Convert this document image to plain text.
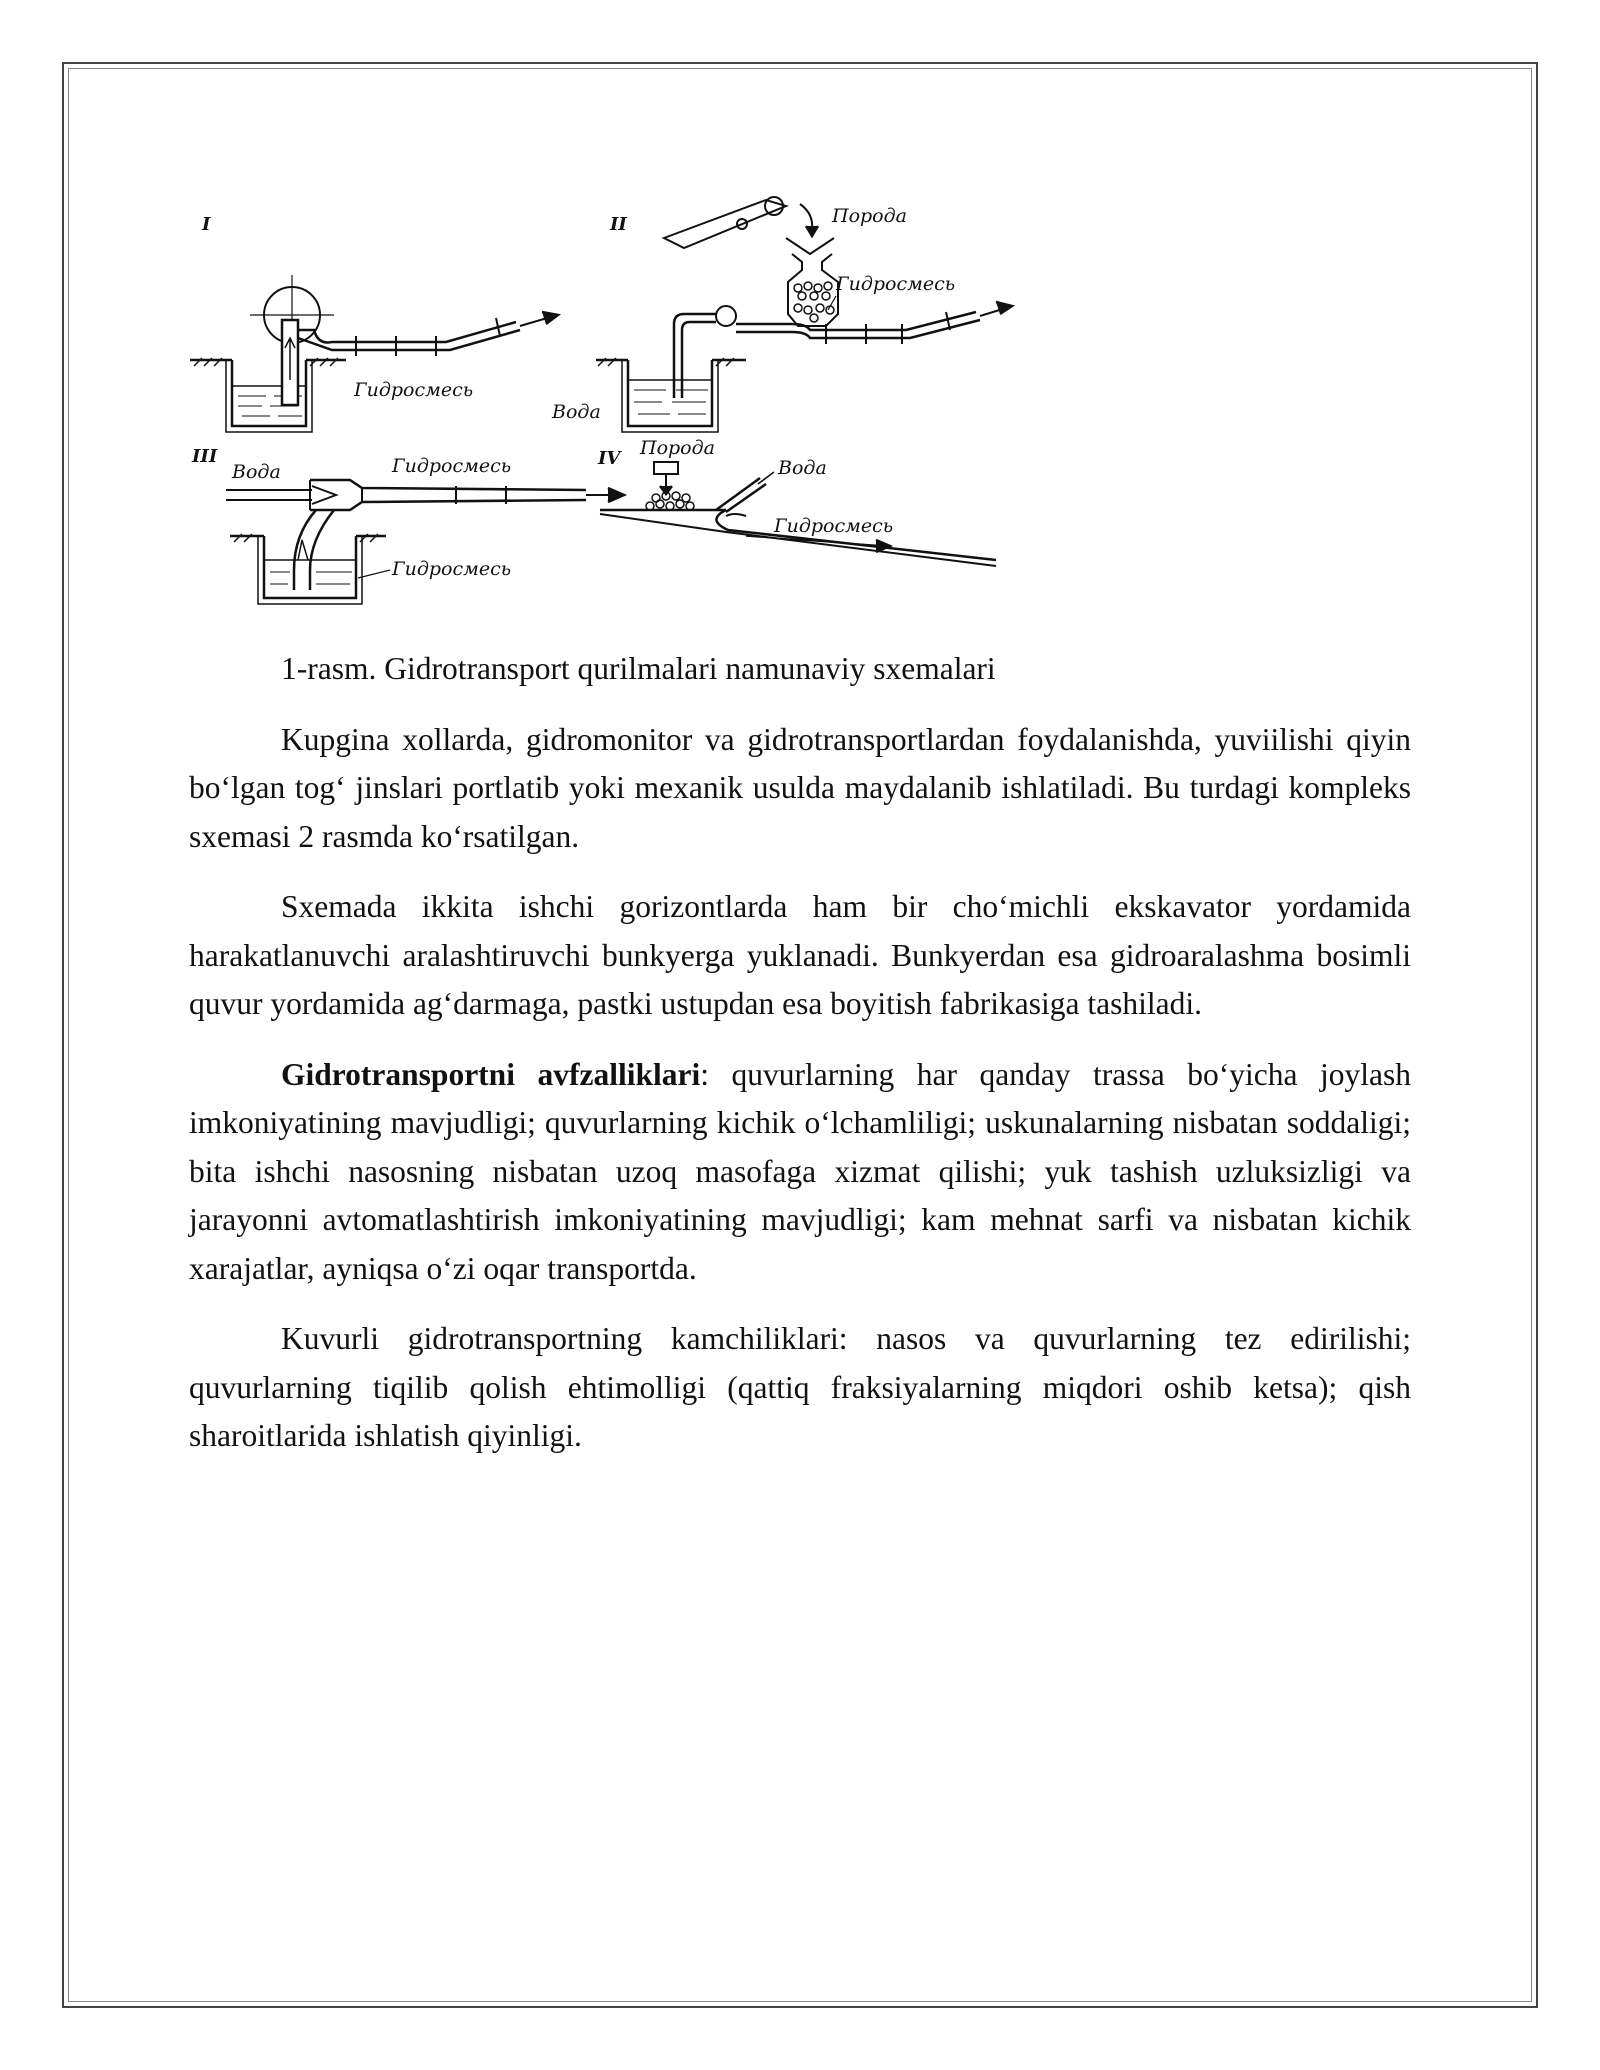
I
Гидросмесь
II	Порода
Гидросмесь
Вода
III
Вода	Гидросмесь
Гидросмесь
IV Порода
Вода
Гидросмесь

1-rasm. Gidrotransport qurilmalari namunaviy sxemalari

Kupgina xollarda, gidromonitor va gidrotransportlardan foydalanishda, yuviilishi qiyin bo‘lgan tog‘ jinslari portlatib yoki mexanik usulda maydalanib ishlatiladi. Bu turdagi kompleks sxemasi 2 rasmda ko‘rsatilgan.

Sxemada ikkita ishchi gorizontlarda ham bir cho‘michli ekskavator yordamida harakatlanuvchi aralashtiruvchi bunkyerga yuklanadi. Bunkyerdan esa gidroaralashma bosimli quvur yordamida ag‘darmaga, pastki ustupdan esa boyitish fabrikasiga tashiladi.

Gidrotransportni avfzalliklari: quvurlarning har qanday trassa bo‘yicha joylash imkoniyatining mavjudligi; quvurlarning kichik o‘lchamliligi; uskunalarning nisbatan soddaligi; bita ishchi nasosning nisbatan uzoq masofaga xizmat qilishi; yuk tashish uzluksizligi va jarayonni avtomatlashtirish imkoniyatining mavjudligi; kam mehnat sarfi va nisbatan kichik xarajatlar, ayniqsa o‘zi oqar transportda.

Kuvurli gidrotransportning kamchiliklari: nasos va quvurlarning tez edirilishi; quvurlarning tiqilib qolish ehtimolligi (qattiq fraksiyalarning miqdori oshib ketsa); qish sharoitlarida ishlatish qiyinligi.
